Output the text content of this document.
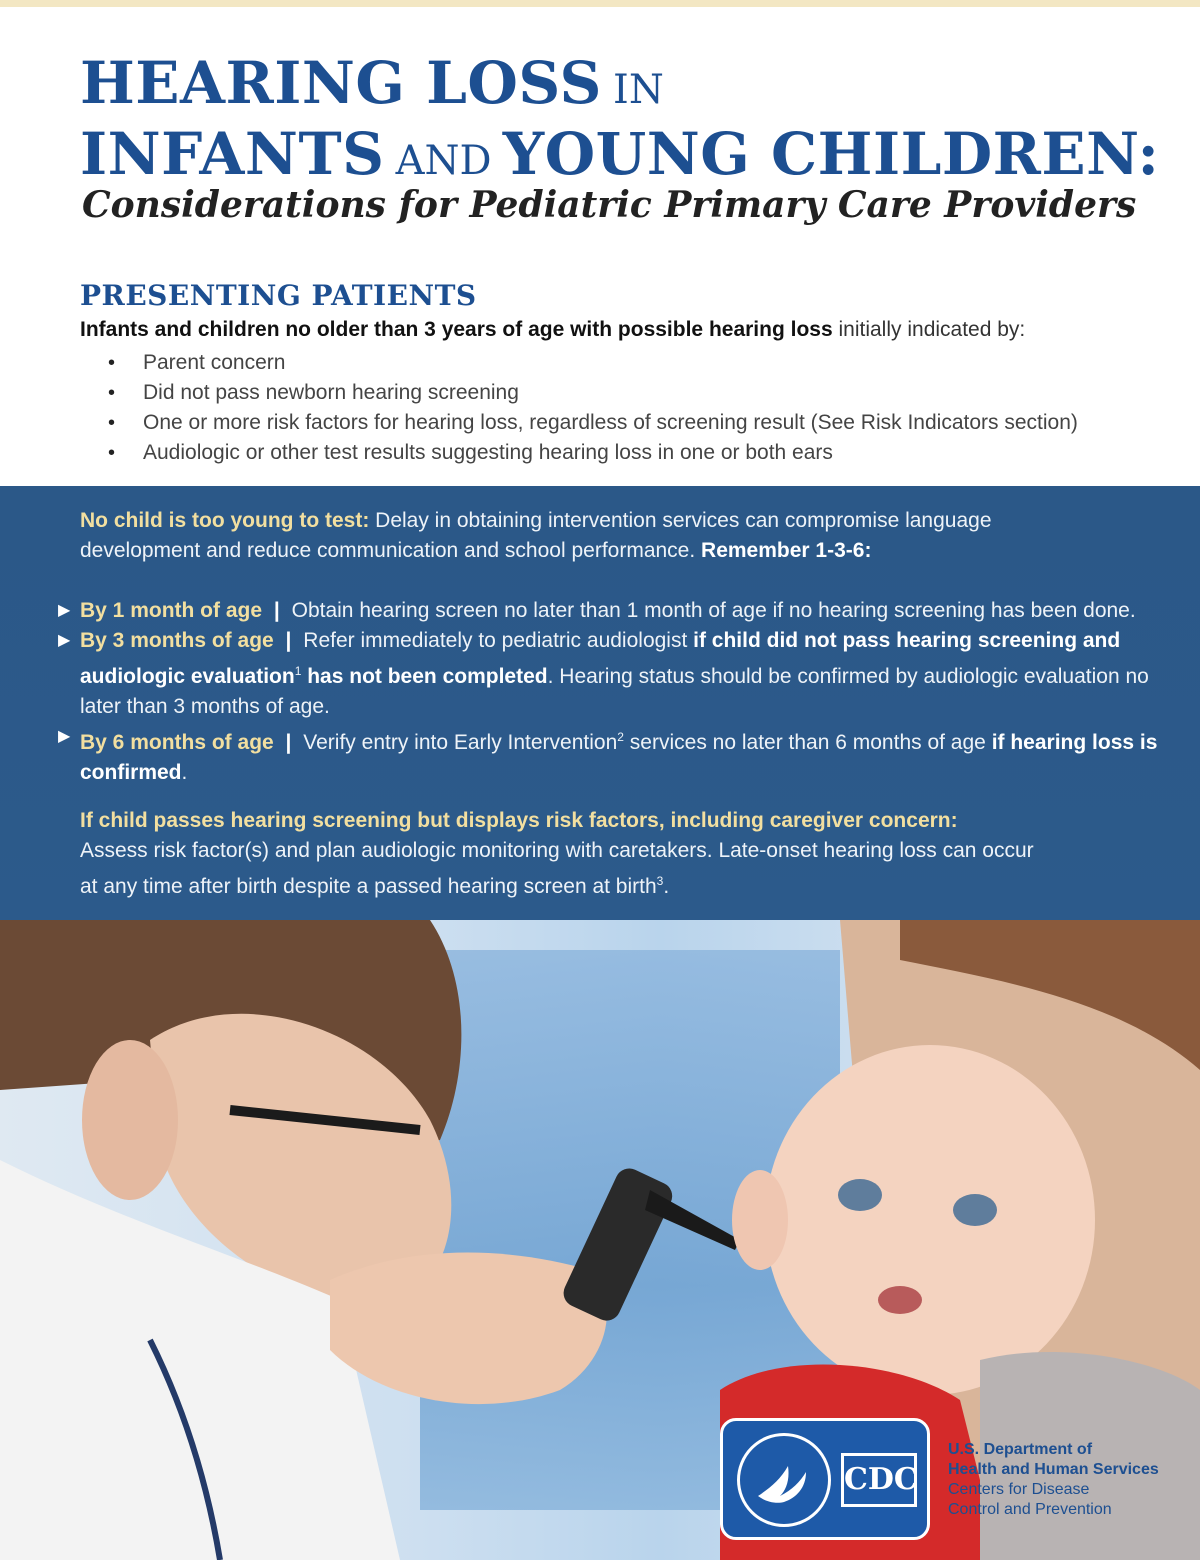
HEARING LOSS IN
INFANTS AND YOUNG CHILDREN:

Considerations for Pediatric Primary Care Providers

PRESENTING PATIENTS
Infants and children no older than 3 years of age with possible hearing loss initially indicated by:
• Parent concern
• Did not pass newborn hearing screening
• One or more risk factors for hearing loss, regardless of screening result (See Risk Indicators section)
• Audiologic or other test results suggesting hearing loss in one or both ears

No child is too young to test: Delay in obtaining intervention services can compromise language development and reduce communication and school performance. Remember 1-3-6:

▶ By 1 month of age | Obtain hearing screen no later than 1 month of age if no hearing screening has been done.
▶ By 3 months of age | Refer immediately to pediatric audiologist if child did not pass hearing screening and audiologic evaluation$^1$ has not been completed. Hearing status should be confirmed by audiologic evaluation no later than 3 months of age.
▶ By 6 months of age | Verify entry into Early Intervention$^2$ services no later than 6 months of age if hearing loss is confirmed.

If child passes hearing screening but displays risk factors, including caregiver concern:
Assess risk factor(s) and plan audiologic monitoring with caretakers. Late-onset hearing loss can occur at any time after birth despite a passed hearing screen at birth$^3$.

CDC
U.S. Department of
Health and Human Services
Centers for Disease
Control and Prevention
